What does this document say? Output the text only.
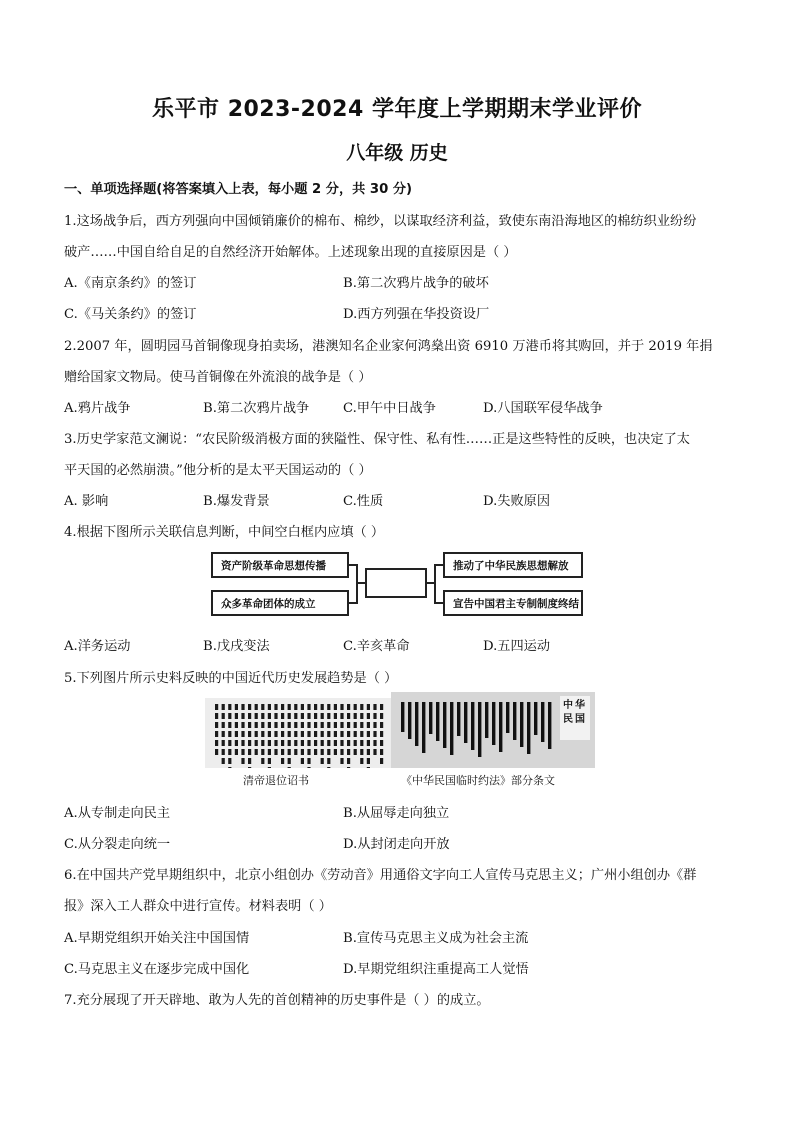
乐平市 2023-2024 学年度上学期期末学业评价
八年级 历史
一、单项选择题(将答案填入上表，每小题 2 分，共 30 分)
1.这场战争后，西方列强向中国倾销廉价的棉布、棉纱，以谋取经济利益，致使东南沿海地区的棉纺织业纷纷
破产……中国自给自足的自然经济开始解体。上述现象出现的直接原因是（ ）
A.《南京条约》的签订	B.第二次鸦片战争的破坏
C.《马关条约》的签订	D.西方列强在华投资设厂
2.2007 年，圆明园马首铜像现身拍卖场，港澳知名企业家何鸿燊出资 6910 万港币将其购回，并于 2019 年捐
赠给国家文物局。使马首铜像在外流浪的战争是（ ）
A.鸦片战争	B.第二次鸦片战争	C.甲午中日战争	D.八国联军侵华战争
3.历史学家范文澜说：“农民阶级消极方面的狭隘性、保守性、私有性……正是这些特性的反映，也决定了太
平天国的必然崩溃。”他分析的是太平天国运动的（ ）
A. 影响	B.爆发背景	C.性质	D.失败原因
4.根据下图所示关联信息判断，中间空白框内应填（ ）
资产阶级革命思想传播
众多革命团体的成立
推动了中华民族思想解放
宣告中国君主专制制度终结
A.洋务运动	B.戊戌变法	C.辛亥革命	D.五四运动
5.下列图片所示史料反映的中国近代历史发展趋势是（ ）
中 华
民 国
清帝退位诏书	《中华民国临时约法》部分条文
A.从专制走向民主	B.从屈辱走向独立
C.从分裂走向统一	D.从封闭走向开放
6.在中国共产党早期组织中，北京小组创办《劳动音》用通俗文字向工人宣传马克思主义；广州小组创办《群
报》深入工人群众中进行宣传。材料表明（ ）
A.早期党组织开始关注中国国情	B.宣传马克思主义成为社会主流
C.马克思主义在逐步完成中国化	D.早期党组织注重提高工人觉悟
7.充分展现了开天辟地、敢为人先的首创精神的历史事件是（ ）的成立。
